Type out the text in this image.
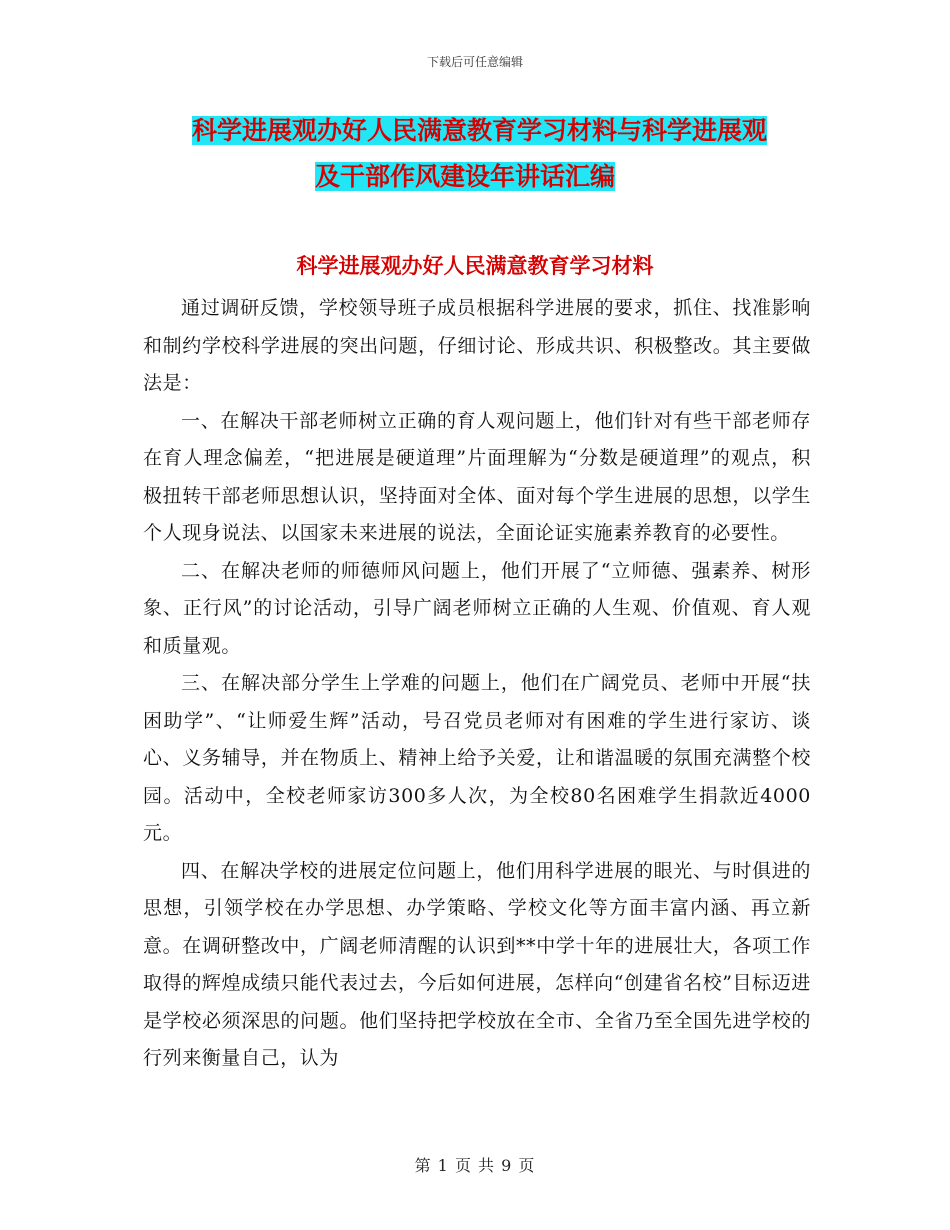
下载后可任意编辑
科学进展观办好人民满意教育学习材料与科学进展观
及干部作风建设年讲话汇编
科学进展观办好人民满意教育学习材料

通过调研反馈，学校领导班子成员根据科学进展的要求，抓住、找准影响和制约学校科学进展的突出问题，仔细讨论、形成共识、积极整改。其主要做法是：

一、在解决干部老师树立正确的育人观问题上，他们针对有些干部老师存在育人理念偏差，“把进展是硬道理”片面理解为“分数是硬道理”的观点，积极扭转干部老师思想认识，坚持面对全体、面对每个学生进展的思想，以学生个人现身说法、以国家未来进展的说法，全面论证实施素养教育的必要性。

二、在解决老师的师德师风问题上，他们开展了“立师德、强素养、树形象、正行风”的讨论活动，引导广阔老师树立正确的人生观、价值观、育人观和质量观。

三、在解决部分学生上学难的问题上，他们在广阔党员、老师中开展“扶困助学”、“让师爱生辉”活动，号召党员老师对有困难的学生进行家访、谈心、义务辅导，并在物质上、精神上给予关爱，让和谐温暖的氛围充满整个校园。活动中，全校老师家访300多人次，为全校80名困难学生捐款近4000元。

四、在解决学校的进展定位问题上，他们用科学进展的眼光、与时俱进的思想，引领学校在办学思想、办学策略、学校文化等方面丰富内涵、再立新意。在调研整改中，广阔老师清醒的认识到**中学十年的进展壮大，各项工作取得的辉煌成绩只能代表过去，今后如何进展，怎样向“创建省名校”目标迈进是学校必须深思的问题。他们坚持把学校放在全市、全省乃至全国先进学校的行列来衡量自己，认为

第 1 页 共 9 页
